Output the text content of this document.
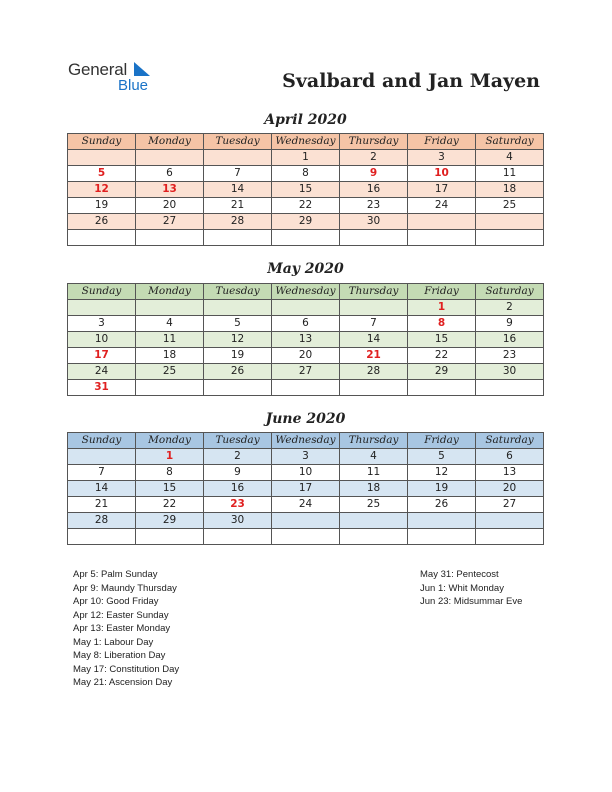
General
Blue	Svalbard and Jan Mayen
April 2020
Sunday	Monday	Tuesday	Wednesday	Thursday	Friday	Saturday
			1	2	3	4
5	6	7	8	9	10	11
12	13	14	15	16	17	18
19	20	21	22	23	24	25
26	27	28	29	30		

May 2020
Sunday	Monday	Tuesday	Wednesday	Thursday	Friday	Saturday
					1	2
3	4	5	6	7	8	9
10	11	12	13	14	15	16
17	18	19	20	21	22	23
24	25	26	27	28	29	30
31						
June 2020
Sunday	Monday	Tuesday	Wednesday	Thursday	Friday	Saturday
	1	2	3	4	5	6
7	8	9	10	11	12	13
14	15	16	17	18	19	20
21	22	23	24	25	26	27
28	29	30				

Apr 5: Palm Sunday
Apr 9: Maundy Thursday
Apr 10: Good Friday
Apr 12: Easter Sunday
Apr 13: Easter Monday
May 1: Labour Day
May 8: Liberation Day
May 17: Constitution Day
May 21: Ascension Day
May 31: Pentecost
Jun 1: Whit Monday
Jun 23: Midsummar Eve
